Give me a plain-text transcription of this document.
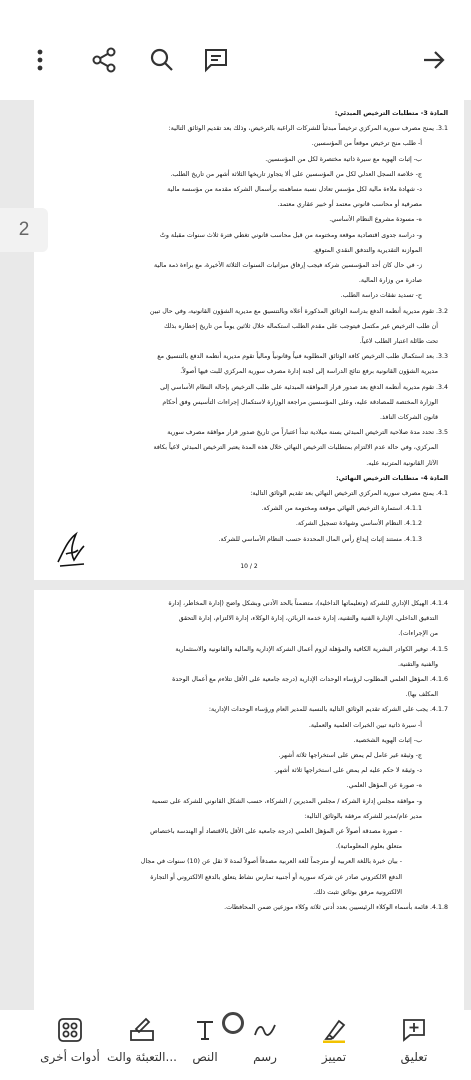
المادة 3- متطلبات الترخيص المبدئي:
3.1. يمنح مصرف سورية المركزي ترخيصاً مبدئياً للشركات الراغبة بالترخيص، وذلك بعد تقديم الوثائق التالية:
أ- طلب منح ترخيص موقعاً من المؤسسين.
ب- إثبات الهوية مع سيرة ذاتية مختصرة لكل من المؤسسين.
ج- خلاصة السجل العدلي لكل من المؤسسين على ألا يتجاوز تاريخها الثلاثة أشهر من تاريخ الطلب.
د- شهادة ملاءة مالية لكل مؤسس تعادل نسبة مساهمته برأسمال الشركة مقدمة من مؤسسة مالية
مصرفية أو محاسب قانوني معتمد أو خبير عقاري معتمد.
ه- مسودة مشروع النظام الأساسي.
و- دراسة جدوى اقتصادية موقعة ومختومة من قبل محاسب قانوني تغطي فترة ثلاث سنوات مقبلة وتُ
الموازنة التقديرية والتدفق النقدي المتوقع.
ز- في حال كان أحد المؤسسين شركة فيجب إرفاق ميزانيات السنوات الثلاثة الأخيرة، مع براءة ذمة مالية
صادرة من وزارة المالية.
ح- تسديد نفقات دراسة الطلب.
3.2. تقوم مديرية أنظمة الدفع بدراسة الوثائق المذكورة أعلاه وبالتنسيق مع مديرية الشؤون القانونية، وفي حال تبين
أن طلب الترخيص غير مكتمل فيتوجب على مقدم الطلب استكماله خلال ثلاثين يوماً من تاريخ إخطاره بذلك
تحت طائلة اعتبار الطلب لاغياً.
3.3. بعد استكمال طلب الترخيص كافة الوثائق المطلوبة فنياً وقانونياً ومالياً تقوم مديرية أنظمة الدفع بالتنسيق مع
مديرية الشؤون القانونية برفع نتائج الدراسة إلى لجنة إدارة مصرف سورية المركزي للبت فيها أصولاً.
3.4. تقوم مديرية أنظمة الدفع بعد صدور قرار الموافقة المبدئية على طلب الترخيص بإحالة النظام الأساسي إلى
الوزارة المختصة للمصادقة عليه، وعلى المؤسسين مراجعة الوزارة لاستكمال إجراءات التأسيس وفق أحكام
قانون الشركات النافذ.
3.5. تحدد مدة صلاحية الترخيص المبدئي بسنة ميلادية تبدأ اعتباراً من تاريخ صدور قرار موافقة مصرف سورية
المركزي، وفي حالة عدم الالتزام بمتطلبات الترخيص النهائي خلال هذه المدة يعتبر الترخيص المبدئي لاغياً بكافة
الآثار القانونية المترتبة عليه.
المادة 4- متطلبات الترخيص النهائي:
4.1. يمنح مصرف سورية المركزي الترخيص النهائي بعد تقديم الوثائق التالية:
4.1.1. استمارة الترخيص النهائي موقعة ومختومة من الشركة.
4.1.2. النظام الأساسي وشهادة تسجيل الشركة.
4.1.3. مستند إثبات إيداع رأس المال المحددة حسب النظام الأساسي للشركة.
10 / 2
4.1.4. الهيكل الإداري للشركة (وتعليماتها الداخلية)، متضمناً بالحد الأدنى وبشكل واضح (إدارة المخاطر، إدارة
التدقيق الداخلي، الإدارة الفنية والتقنية، إدارة خدمة الزبائن، إدارة الوكلاء، إدارة الالتزام، إدارة التحقق
من الإجراءات).
4.1.5. توفير الكوادر البشرية الكافية والمؤهلة لزوم أعمال الشركة الإدارية والمالية والقانونية والاستثمارية
والفنية والتقنية.
4.1.6. المؤهل العلمي المطلوب لرؤساء الوحدات الإدارية (درجة جامعية على الأقل تتلاءم مع أعمال الوحدة
المكلف بها).
4.1.7. يجب على الشركة تقديم الوثائق التالية بالنسبة للمدير العام ورؤساء الوحدات الإدارية:
أ- سيرة ذاتية تبين الخبرات العلمية والعملية.
ب- إثبات الهوية الشخصية.
ج- وثيقة غير عامل لم يمض على استخراجها ثلاثة أشهر.
د- وثيقة لا حكم عليه لم يمض على استخراجها ثلاثة أشهر.
ه- صورة عن المؤهل العلمي.
و- موافقة مجلس إدارة الشركة / مجلس المديرين / الشركاء، حسب الشكل القانوني للشركة على تسمية
مدير عام/مدير للشركة مرفقة بالوثائق التالية:
- صورة مصدقة أصولاً عن المؤهل العلمي (درجة جامعية على الأقل بالاقتصاد أو الهندسة باختصاص
متعلق بعلوم المعلوماتية).
- بيان خبرة باللغة العربية أو مترجماً للغة العربية مصدقاً أصولاً لمدة لا تقل عن (10) سنوات في مجال
الدفع الالكتروني صادر عن شركة سورية أو أجنبية تمارس نشاط يتعلق بالدفع الالكتروني أو التجارة
الالكترونية مرفق بوثائق تثبت ذلك.
4.1.8. قائمة بأسماء الوكلاء الرئيسيين بعدد أدنى ثلاثة وكلاء موزعين ضمن المحافظات.
2
تعليق
تمييز
رسم
النص
التعبئة والت...
أدوات أخرى
